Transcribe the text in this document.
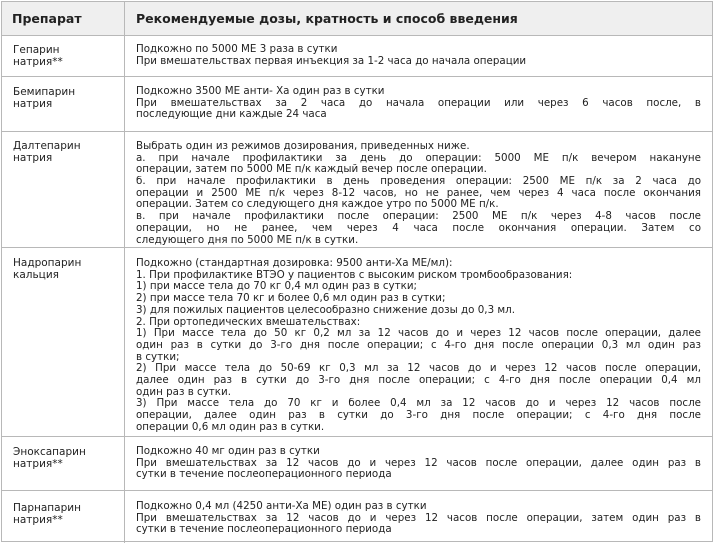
Препарат	Рекомендуемые дозы, кратность и способ введения
Гепарин
натрия**
Подкожно по 5000 МЕ 3 раза в сутки
При вмешательствах первая инъекция за 1-2 часа до начала операции
Бемипарин
натрия
Подкожно 3500 МЕ анти- Ха один раз в сутки
При вмешательствах за 2 часа до начала операции или через 6 часов после, в
последующие дни каждые 24 часа
Далтепарин
натрия
Выбрать один из режимов дозирования, приведенных ниже.
а. при начале профилактики за день до операции: 5000 МЕ п/к вечером накануне
операции, затем по 5000 МЕ п/к каждый вечер после операции.
б. при начале профилактики в день проведения операции: 2500 МЕ п/к за 2 часа до
операции и 2500 МЕ п/к через 8-12 часов, но не ранее, чем через 4 часа после окончания
операции. Затем со следующего дня каждое утро по 5000 МЕ п/к.
в. при начале профилактики после операции: 2500 МЕ п/к через 4-8 часов после
операции, но не ранее, чем через 4 часа после окончания операции. Затем со
следующего дня по 5000 МЕ п/к в сутки.
Надропарин
кальция
Подкожно (стандартная дозировка: 9500 анти-Ха МЕ/мл):
1. При профилактике ВТЭО у пациентов с высоким риском тромбообразования:
1) при массе тела до 70 кг 0,4 мл один раз в сутки;
2) при массе тела 70 кг и более 0,6 мл один раз в сутки;
3) для пожилых пациентов целесообразно снижение дозы до 0,3 мл.
2. При ортопедических вмешательствах:
1) При массе тела до 50 кг 0,2 мл за 12 часов до и через 12 часов после операции, далее
один раз в сутки до 3-го дня после операции; с 4-го дня после операции 0,3 мл один раз
в сутки;
2) При массе тела до 50-69 кг 0,3 мл за 12 часов до и через 12 часов после операции,
далее один раз в сутки до 3-го дня после операции; с 4-го дня после операции 0,4 мл
один раз в сутки.
3) При массе тела до 70 кг и более 0,4 мл за 12 часов до и через 12 часов после
операции, далее один раз в сутки до 3-го дня после операции; с 4-го дня после
операции 0,6 мл один раз в сутки.
Эноксапарин
натрия**
Подкожно 40 мг один раз в сутки
При вмешательствах за 12 часов до и через 12 часов после операции, далее один раз в
сутки в течение послеоперационного периода
Парнапарин
натрия**
Подкожно 0,4 мл (4250 анти-Ха МЕ) один раз в сутки
При вмешательствах за 12 часов до и через 12 часов после операции, затем один раз в
сутки в течение послеоперационного периода
